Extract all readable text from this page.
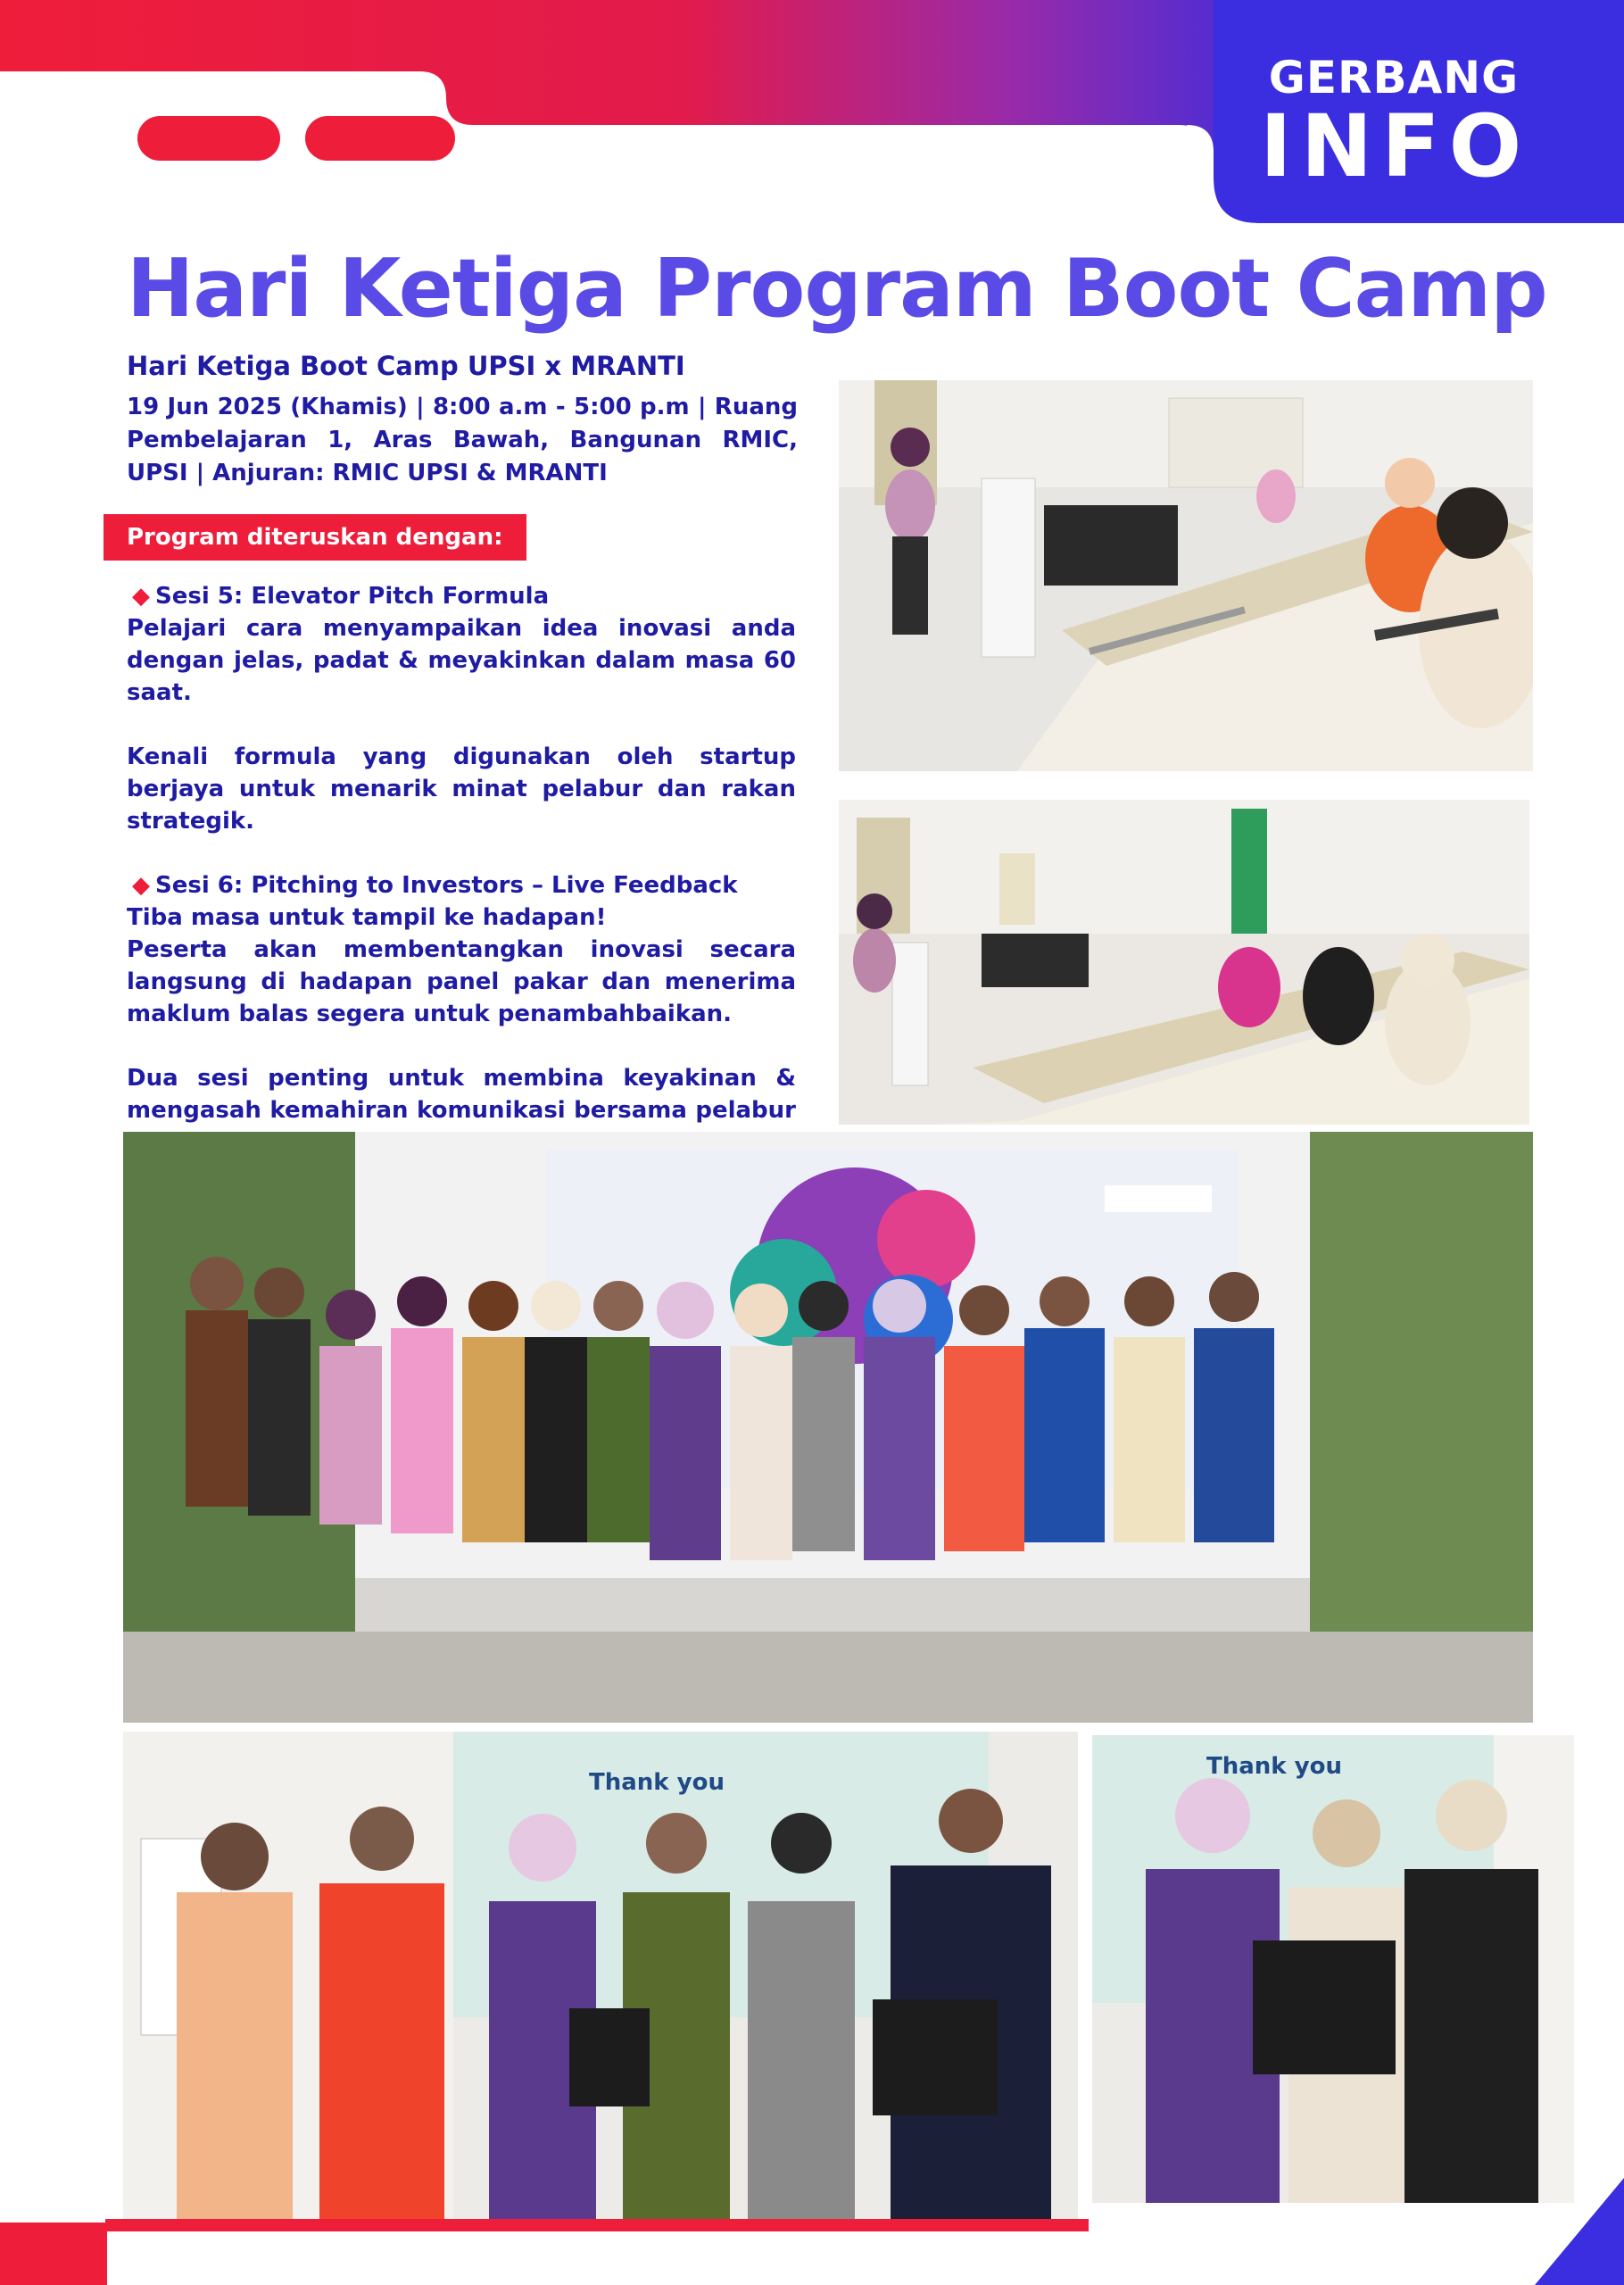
GERBANG
INFO
Hari Ketiga Program Boot Camp
Hari Ketiga Boot Camp UPSI x MRANTI
19 Jun 2025 (Khamis) | 8:00 a.m - 5:00 p.m | Ruang Pembelajaran 1, Aras Bawah, Bangunan RMIC, UPSI | Anjuran: RMIC UPSI & MRANTI
Program diteruskan dengan:

◆ Sesi 5: Elevator Pitch Formula
Pelajari cara menyampaikan idea inovasi anda dengan jelas, padat & meyakinkan dalam masa 60 saat.

Kenali formula yang digunakan oleh startup berjaya untuk menarik minat pelabur dan rakan strategik.

◆ Sesi 6: Pitching to Investors – Live Feedback
Tiba masa untuk tampil ke hadapan!
Peserta akan membentangkan inovasi secara langsung di hadapan panel pakar dan menerima maklum balas segera untuk penambahbaikan.

Dua sesi penting untuk membina keyakinan & mengasah kemahiran komunikasi bersama pelabur

Thank you
Thank you
